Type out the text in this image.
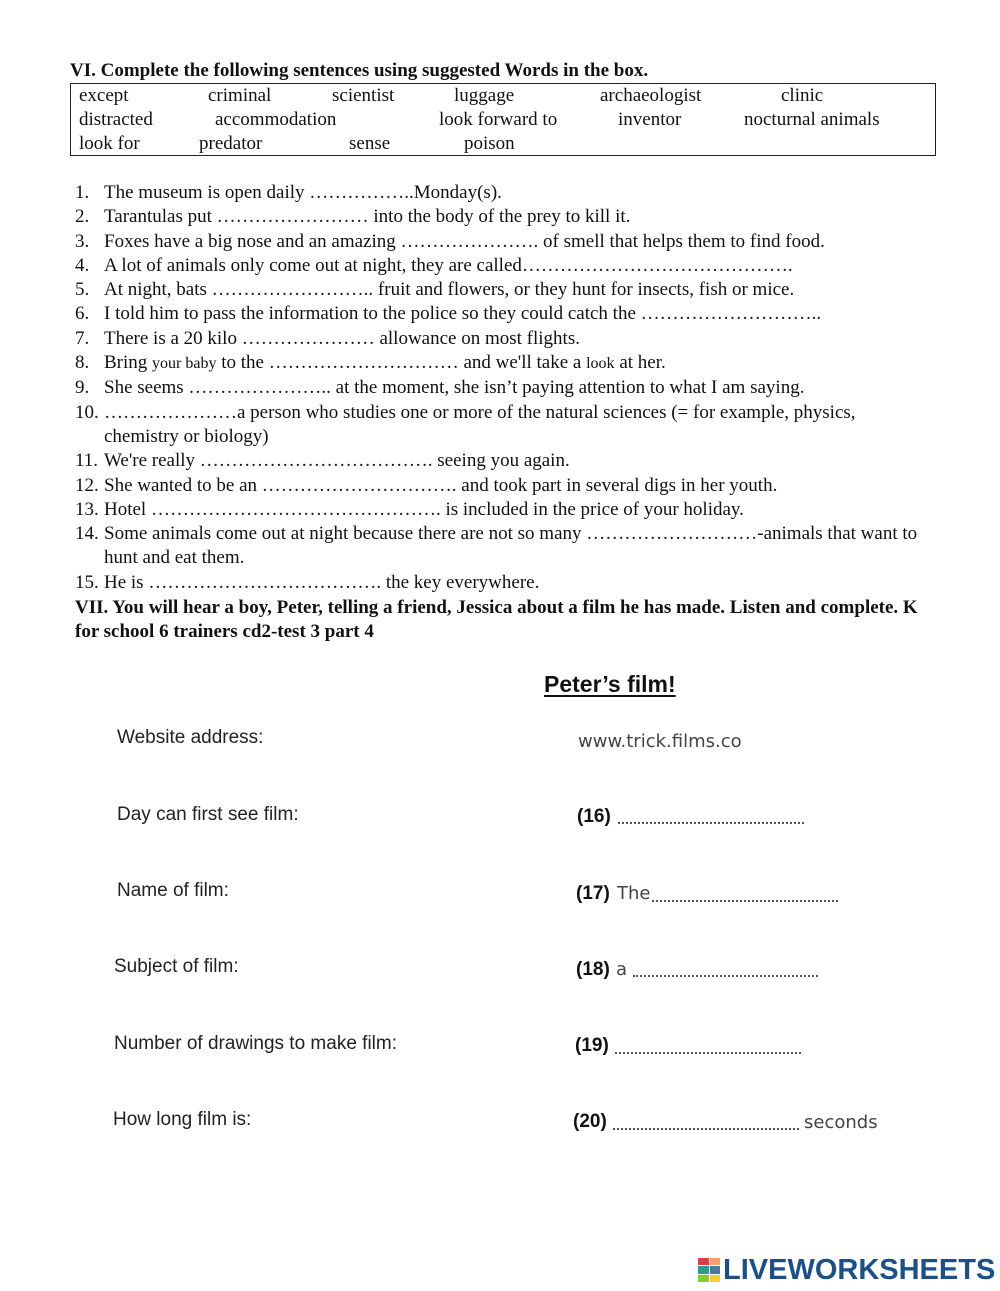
VI. Complete the following sentences using suggested Words in the box.
except	criminal	scientist	luggage	archaeologist	clinic
distracted	accommodation	look forward to	inventor	nocturnal animals
look for	predator	sense	poison
1. The museum is open daily ……………..Monday(s).
2. Tarantulas put …………………… into the body of the prey to kill it.
3. Foxes have a big nose and an amazing …………………. of smell that helps them to find food.
4. A lot of animals only come out at night, they are called…………………………………….
5. At night, bats …………………….. fruit and flowers, or they hunt for insects, fish or mice.
6. I told him to pass the information to the police so they could catch the ………………………..
7. There is a 20 kilo ………………… allowance on most flights.
8. Bring your baby to the ………………………… and we'll take a look at her.
9. She seems ………………….. at the moment, she isn’t paying attention to what I am saying.
10. …………………a person who studies one or more of the natural sciences (= for example, physics, chemistry or biology)
11. We're really ………………………………. seeing you again.
12. She wanted to be an …………………………. and took part in several digs in her youth.
13. Hotel ………………………………………. is included in the price of your holiday.
14. Some animals come out at night because there are not so many ………………………-animals that want to hunt and eat them.
15. He is ………………………………. the key everywhere.
VII. You will hear a boy, Peter, telling a friend, Jessica about a film he has made. Listen and complete. K for school 6 trainers cd2-test 3 part 4
Peter’s film!
Website address:	www.trick.films.co
Day can first see film:	(16)
Name of film:	(17) The
Subject of film:	(18) a
Number of drawings to make film:	(19)
How long film is:	(20)	seconds
LIVEWORKSHEETS
